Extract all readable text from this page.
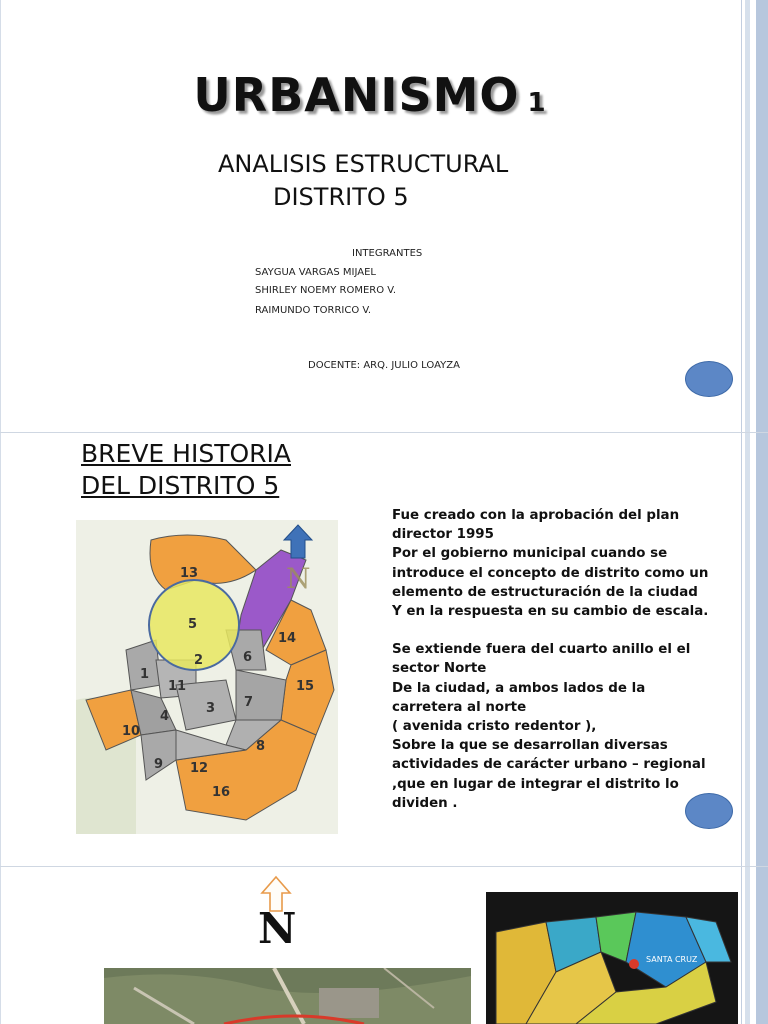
URBANISMO 1
ANALISIS ESTRUCTURAL
DISTRITO 5
INTEGRANTES
SAYGUA VARGAS MIJAEL
SHIRLEY NOEMY ROMERO V.
RAIMUNDO TORRICO V.
DOCENTE: ARQ. JULIO LOAYZA
BREVE HISTORIA
DEL DISTRITO 5
13
5
2
14
6
15
1
11
7
4
3
10
8
9 12
16
N
Fue creado con la aprobación del plan
director 1995
Por el gobierno municipal cuando se
introduce el concepto de distrito como un
elemento de estructuración de la ciudad
Y en la respuesta en su cambio de escala.
Se extiende fuera del cuarto anillo el el
sector Norte
De la ciudad, a ambos lados de la
carretera al norte
( avenida cristo redentor ),
Sobre la que se desarrollan diversas
actividades de carácter urbano – regional
,que en lugar de integrar el distrito lo
dividen .
N
SANTA CRUZ
